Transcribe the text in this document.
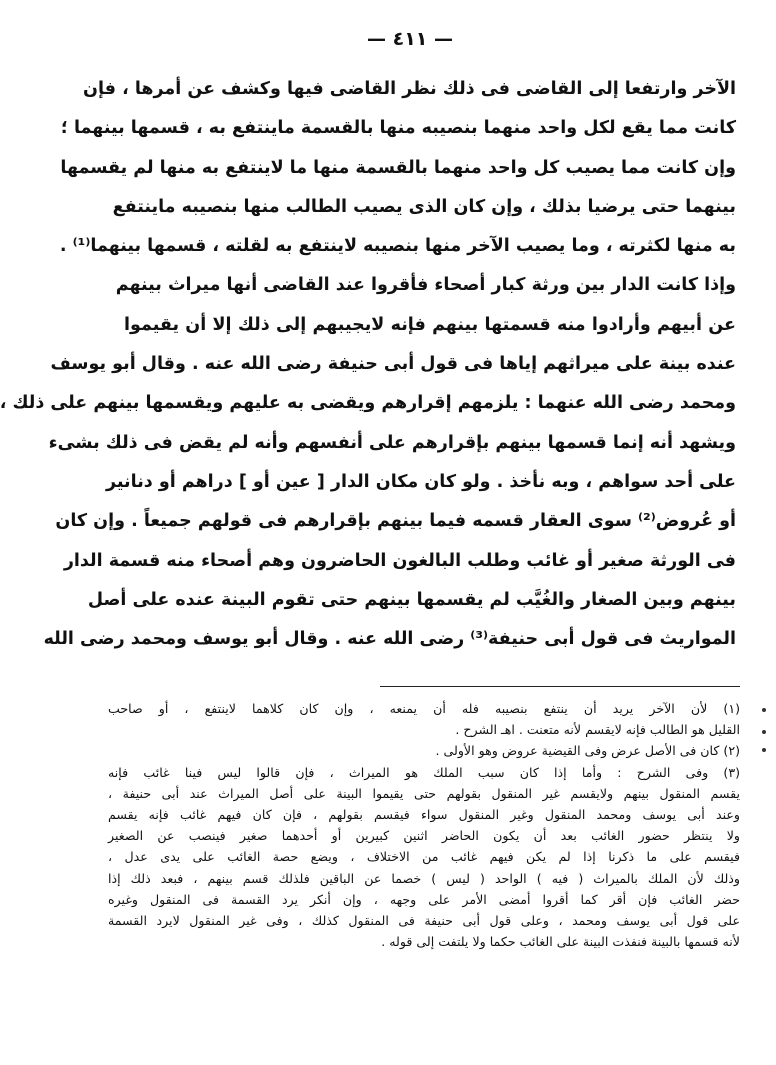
— ٤١١ —
الآخر وارتفعا إلى القاضى فى ذلك نظر القاضى فيها وكشف عن أمرها ، فإن
كانت مما يقع لكل واحد منهما بنصيبه منها بالقسمة ماينتفع به ، قسمها بينهما ؛
وإن كانت مما يصيب كل واحد منهما بالقسمة منها ما لاينتفع به منها لم يقسمها
بينهما حتى يرضيا بذلك ، وإن كان الذى يصيب الطالب منها بنصيبه ماينتفع
به منها لكثرته ، وما يصيب الآخر منها بنصيبه لاينتفع به لقلته ، قسمها بينهما⁽¹⁾ .
وإذا كانت الدار بين ورثة كبار أصحاء فأقروا عند القاضى أنها ميراث بينهم
عن أبيهم وأرادوا منه قسمتها بينهم فإنه لايجيبهم إلى ذلك إلا أن يقيموا
عنده بينة على ميراثهم إياها فى قول أبى حنيفة رضى الله عنه . وقال أبو يوسف
ومحمد رضى الله عنهما : يلزمهم إقرارهم ويقضى به عليهم ويقسمها بينهم على ذلك ،
ويشهد أنه إنما قسمها بينهم بإقرارهم على أنفسهم وأنه لم يقض فى ذلك بشىء
على أحد سواهم ، وبه نأخذ . ولو كان مكان الدار [ عين أو ] دراهم أو دنانير
أو عُروض⁽²⁾ سوى العقار قسمه فيما بينهم بإقرارهم فى قولهم جميعاً . وإن كان
فى الورثة صغير أو غائب وطلب البالغون الحاضرون وهم أصحاء منه قسمة الدار
بينهم وبين الصغار والغُيَّب لم يقسمها بينهم حتى تقوم البينة عنده على أصل
المواريث فى قول أبى حنيفة⁽³⁾ رضى الله عنه . وقال أبو يوسف ومحمد رضى الله
(١) لأن الآخر يريد أن ينتفع بنصيبه فله أن يمنعه ، وإن كان كلاهما لاينتفع ، أو صاحب
القليل هو الطالب فإنه لايقسم لأنه متعنت . اهـ الشرح .
(٢) كان فى الأصل عرض وفى القيضية عروض وهو الأولى .
(٣) وفى الشرح : وأما إذا كان سبب الملك هو الميراث ، فإن قالوا ليس فينا غائب فإنه
يقسم المنقول بينهم ولايقسم غير المنقول بقولهم حتى يقيموا البينة على أصل الميراث عند أبى حنيفة ،
وعند أبى يوسف ومحمد المنقول وغير المنقول سواء فيقسم بقولهم ، فإن كان فيهم غائب فإنه يقسم
ولا ينتظر حضور الغائب بعد أن يكون الحاضر اثنين كبيرين أو أحدهما صغير فينصب عن الصغير
فيقسم على ما ذكرنا إذا لم يكن فيهم غائب من الاختلاف ، ويضع حصة الغائب على يدى عدل ،
وذلك لأن الملك بالميراث ( فيه ) الواحد ( ليس ) خصما عن الباقين فلذلك قسم بينهم ، فبعد ذلك إذا
حضر الغائب فإن أقر كما أقروا أمضى الأمر على وجهه ، وإن أنكر يرد القسمة فى المنقول وغيره
على قول أبى يوسف ومحمد ، وعلى قول أبى حنيفة فى المنقول كذلك ، وفى غير المنقول لايرد القسمة
لأنه قسمها بالبينة فنفذت البينة على الغائب حكما ولا يلتفت إلى قوله .
